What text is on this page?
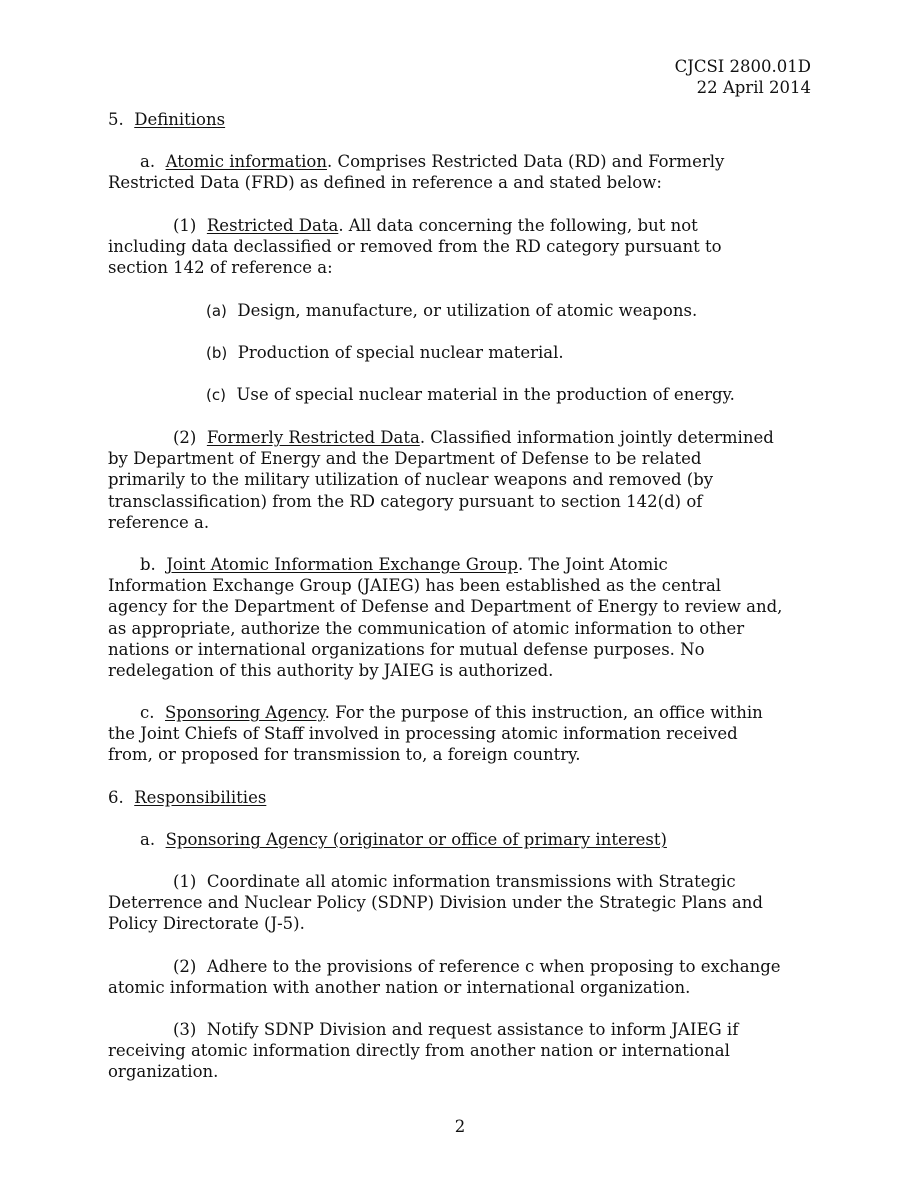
CJCSI 2800.01D
22 April 2014
5. Definitions
a. Atomic information. Comprises Restricted Data (RD) and Formerly
Restricted Data (FRD) as defined in reference a and stated below:
(1) Restricted Data. All data concerning the following, but not
including data declassified or removed from the RD category pursuant to
section 142 of reference a:
(a) Design, manufacture, or utilization of atomic weapons.
(b) Production of special nuclear material.
(c) Use of special nuclear material in the production of energy.
(2) Formerly Restricted Data. Classified information jointly determined
by Department of Energy and the Department of Defense to be related
primarily to the military utilization of nuclear weapons and removed (by
transclassification) from the RD category pursuant to section 142(d) of
reference a.
b. Joint Atomic Information Exchange Group. The Joint Atomic
Information Exchange Group (JAIEG) has been established as the central
agency for the Department of Defense and Department of Energy to review and,
as appropriate, authorize the communication of atomic information to other
nations or international organizations for mutual defense purposes. No
redelegation of this authority by JAIEG is authorized.
c. Sponsoring Agency. For the purpose of this instruction, an office within
the Joint Chiefs of Staff involved in processing atomic information received
from, or proposed for transmission to, a foreign country.
6. Responsibilities
a. Sponsoring Agency (originator or office of primary interest)
(1) Coordinate all atomic information transmissions with Strategic
Deterrence and Nuclear Policy (SDNP) Division under the Strategic Plans and
Policy Directorate (J-5).
(2) Adhere to the provisions of reference c when proposing to exchange
atomic information with another nation or international organization.
(3) Notify SDNP Division and request assistance to inform JAIEG if
receiving atomic information directly from another nation or international
organization.
2
